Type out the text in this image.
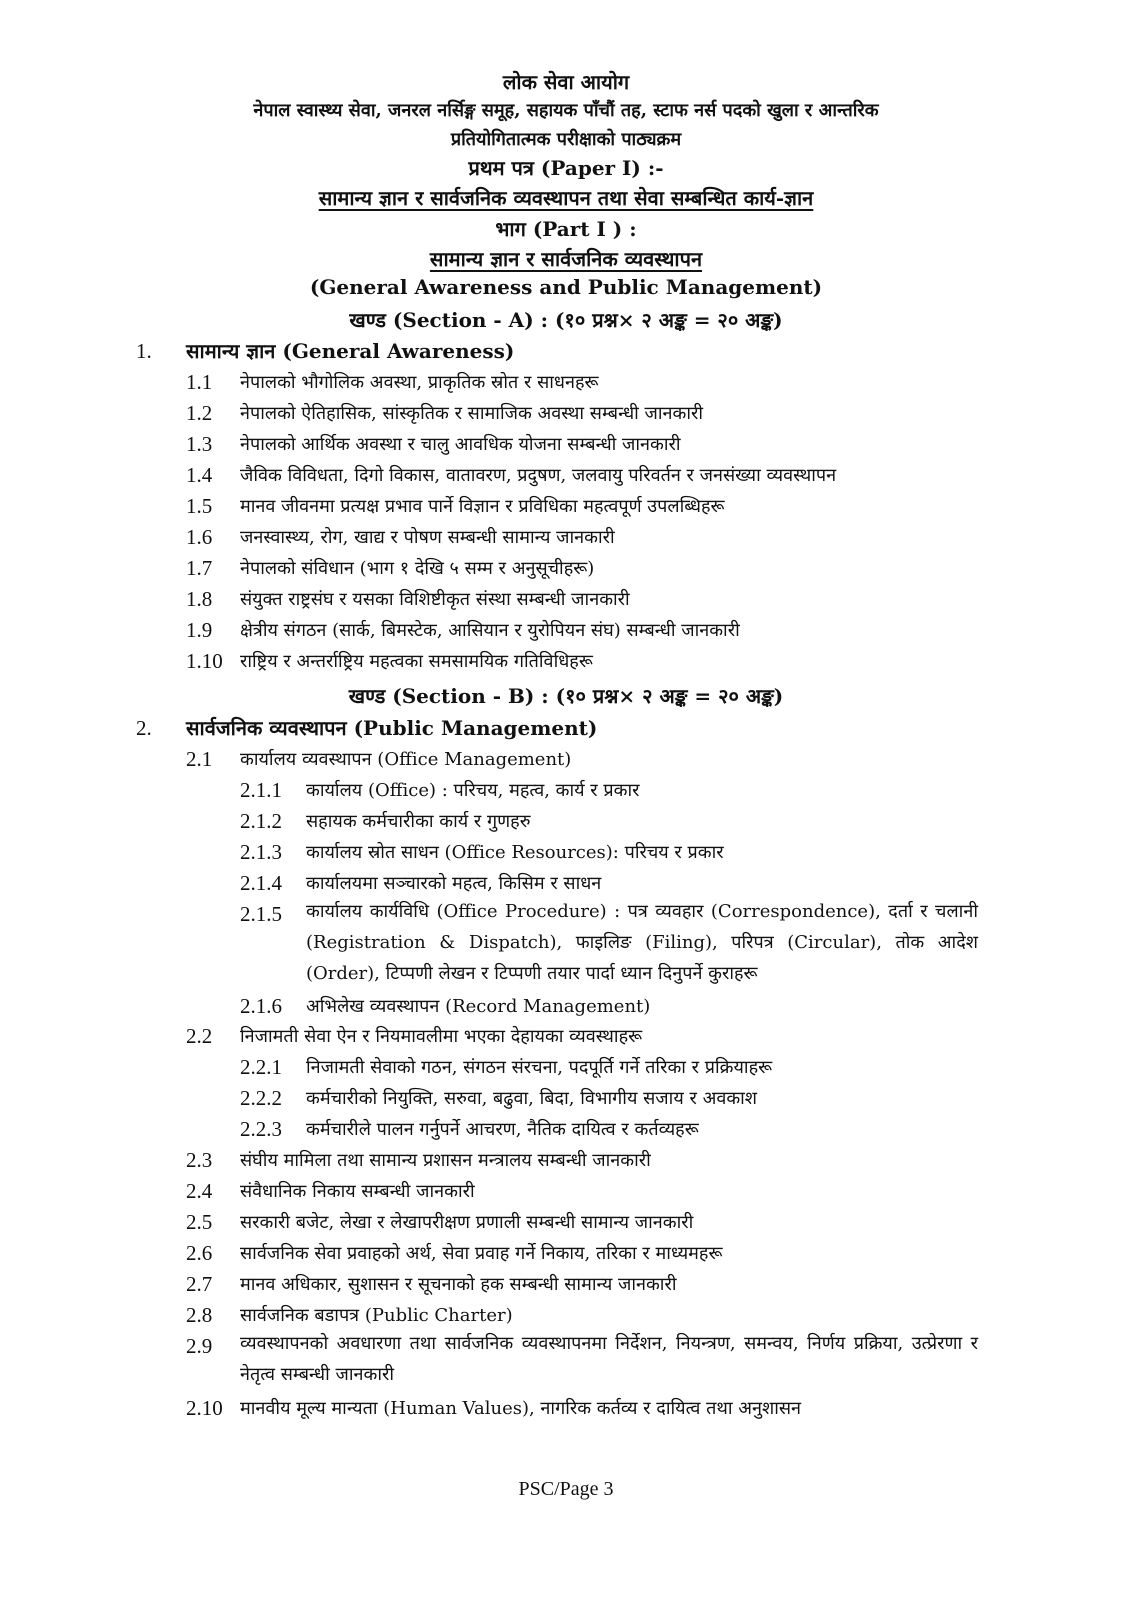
लोक सेवा आयोग
नेपाल स्वास्थ्य सेवा, जनरल नर्सिङ्ग समूह, सहायक पाँचौं तह, स्टाफ नर्स पदको खुला र आन्तरिक
प्रतियोगितात्मक परीक्षाको पाठ्यक्रम
प्रथम पत्र (Paper I) :-
सामान्य ज्ञान र सार्वजनिक व्यवस्थापन तथा सेवा सम्बन्धित कार्य-ज्ञान
भाग (Part I ) :
सामान्य ज्ञान र सार्वजनिक व्यवस्थापन
(General Awareness and Public Management)
खण्ड (Section - A) : (१० प्रश्न× २ अङ्क = २० अङ्क)
1. सामान्य ज्ञान (General Awareness)
1.1 नेपालको भौगोलिक अवस्था, प्राकृतिक स्रोत र साधनहरू
1.2 नेपालको ऐतिहासिक, सांस्कृतिक र सामाजिक अवस्था सम्बन्धी जानकारी
1.3 नेपालको आर्थिक अवस्था र चालु आवधिक योजना सम्बन्धी जानकारी
1.4 जैविक विविधता, दिगो विकास, वातावरण, प्रदुषण, जलवायु परिवर्तन र जनसंख्या व्यवस्थापन
1.5 मानव जीवनमा प्रत्यक्ष प्रभाव पार्ने विज्ञान र प्रविधिका महत्वपूर्ण उपलब्धिहरू
1.6 जनस्वास्थ्य, रोग, खाद्य र पोषण सम्बन्धी सामान्य जानकारी
1.7 नेपालको संविधान (भाग १ देखि ५ सम्म र अनुसूचीहरू)
1.8 संयुक्त राष्ट्रसंघ र यसका विशिष्टीकृत संस्था सम्बन्धी जानकारी
1.9 क्षेत्रीय संगठन (सार्क, बिमस्टेक, आसियान र युरोपियन संघ) सम्बन्धी जानकारी
1.10 राष्ट्रिय र अन्तर्राष्ट्रिय महत्वका समसामयिक गतिविधिहरू
खण्ड (Section - B) : (१० प्रश्न× २ अङ्क = २० अङ्क)
2. सार्वजनिक व्यवस्थापन (Public Management)
2.1 कार्यालय व्यवस्थापन (Office Management)
2.1.1 कार्यालय (Office) : परिचय, महत्व, कार्य र प्रकार
2.1.2 सहायक कर्मचारीका कार्य र गुणहरु
2.1.3 कार्यालय स्रोत साधन (Office Resources): परिचय र प्रकार
2.1.4 कार्यालयमा सञ्चारको महत्व, किसिम र साधन
2.1.5 कार्यालय कार्यविधि (Office Procedure) : पत्र व्यवहार (Correspondence), दर्ता र चलानी (Registration & Dispatch), फाइलिङ (Filing), परिपत्र (Circular), तोक आदेश (Order), टिप्पणी लेखन र टिप्पणी तयार पार्दा ध्यान दिनुपर्ने कुराहरू
2.1.6 अभिलेख व्यवस्थापन (Record Management)
2.2 निजामती सेवा ऐन र नियमावलीमा भएका देहायका व्यवस्थाहरू
2.2.1 निजामती सेवाको गठन, संगठन संरचना, पदपूर्ति गर्ने तरिका र प्रक्रियाहरू
2.2.2 कर्मचारीको नियुक्ति, सरुवा, बढुवा, बिदा, विभागीय सजाय र अवकाश
2.2.3 कर्मचारीले पालन गर्नुपर्ने आचरण, नैतिक दायित्व र कर्तव्यहरू
2.3 संघीय मामिला तथा सामान्य प्रशासन मन्त्रालय सम्बन्धी जानकारी
2.4 संवैधानिक निकाय सम्बन्धी जानकारी
2.5 सरकारी बजेट, लेखा र लेखापरीक्षण प्रणाली सम्बन्धी सामान्य जानकारी
2.6 सार्वजनिक सेवा प्रवाहको अर्थ, सेवा प्रवाह गर्ने निकाय, तरिका र माध्यमहरू
2.7 मानव अधिकार, सुशासन र सूचनाको हक सम्बन्धी सामान्य जानकारी
2.8 सार्वजनिक बडापत्र (Public Charter)
2.9 व्यवस्थापनको अवधारणा तथा सार्वजनिक व्यवस्थापनमा निर्देशन, नियन्त्रण, समन्वय, निर्णय प्रक्रिया, उत्प्रेरणा र नेतृत्व सम्बन्धी जानकारी
2.10 मानवीय मूल्य मान्यता (Human Values), नागरिक कर्तव्य र दायित्व तथा अनुशासन
PSC/Page 3
